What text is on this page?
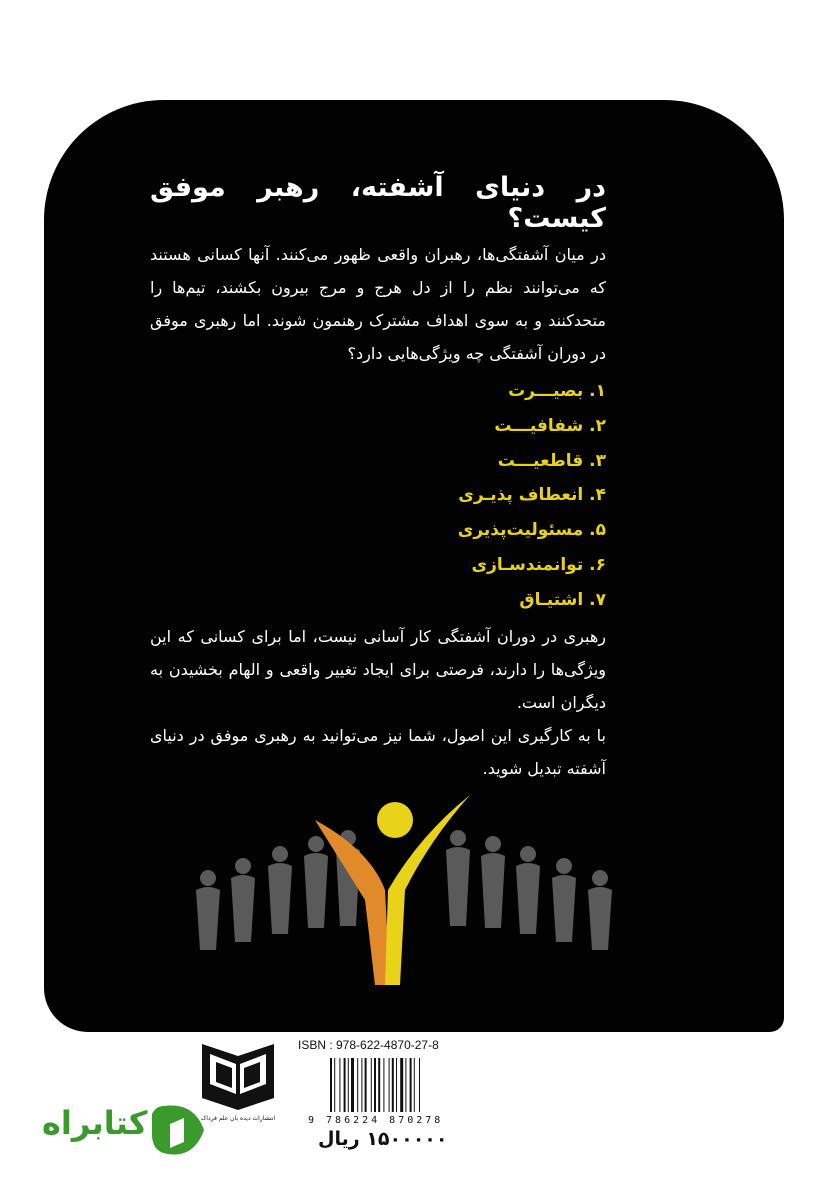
در دنیای آشفته، رهبر موفق کیست؟

در میان آشفتگی‌ها، رهبران واقعی ظهور می‌کنند. آنها کسانی هستند که می‌توانند نظم را از دل هرج و مرج بیرون بکشند، تیم‌ها را متحدکنند و به سوی اهداف مشترک رهنمون شوند. اما رهبری موفق در دوران آشفتگی چه ویژگی‌هایی دارد؟

۱. بصیـــرت
۲. شفافیـــت
۳. قاطعیـــت
۴. انعطاف پذیـری
۵. مسئولیت‌پذیری
۶. توانمندسـازی
۷. اشتیـاق

رهبری در دوران آشفتگی کار آسانی نیست، اما برای کسانی که این ویژگی‌ها را دارند، فرصتی برای ایجاد تغییر واقعی و الهام بخشیدن به دیگران است.

با به کارگیری این اصول، شما نیز می‌توانید به رهبری موفق در دنیای آشفته تبدیل شوید.

انتشارات دیده بان علم فرداک
ISBN : 978-622-4870-27-8
9 786224 870278
۱۵۰۰۰۰۰ ریال
کتابراه
